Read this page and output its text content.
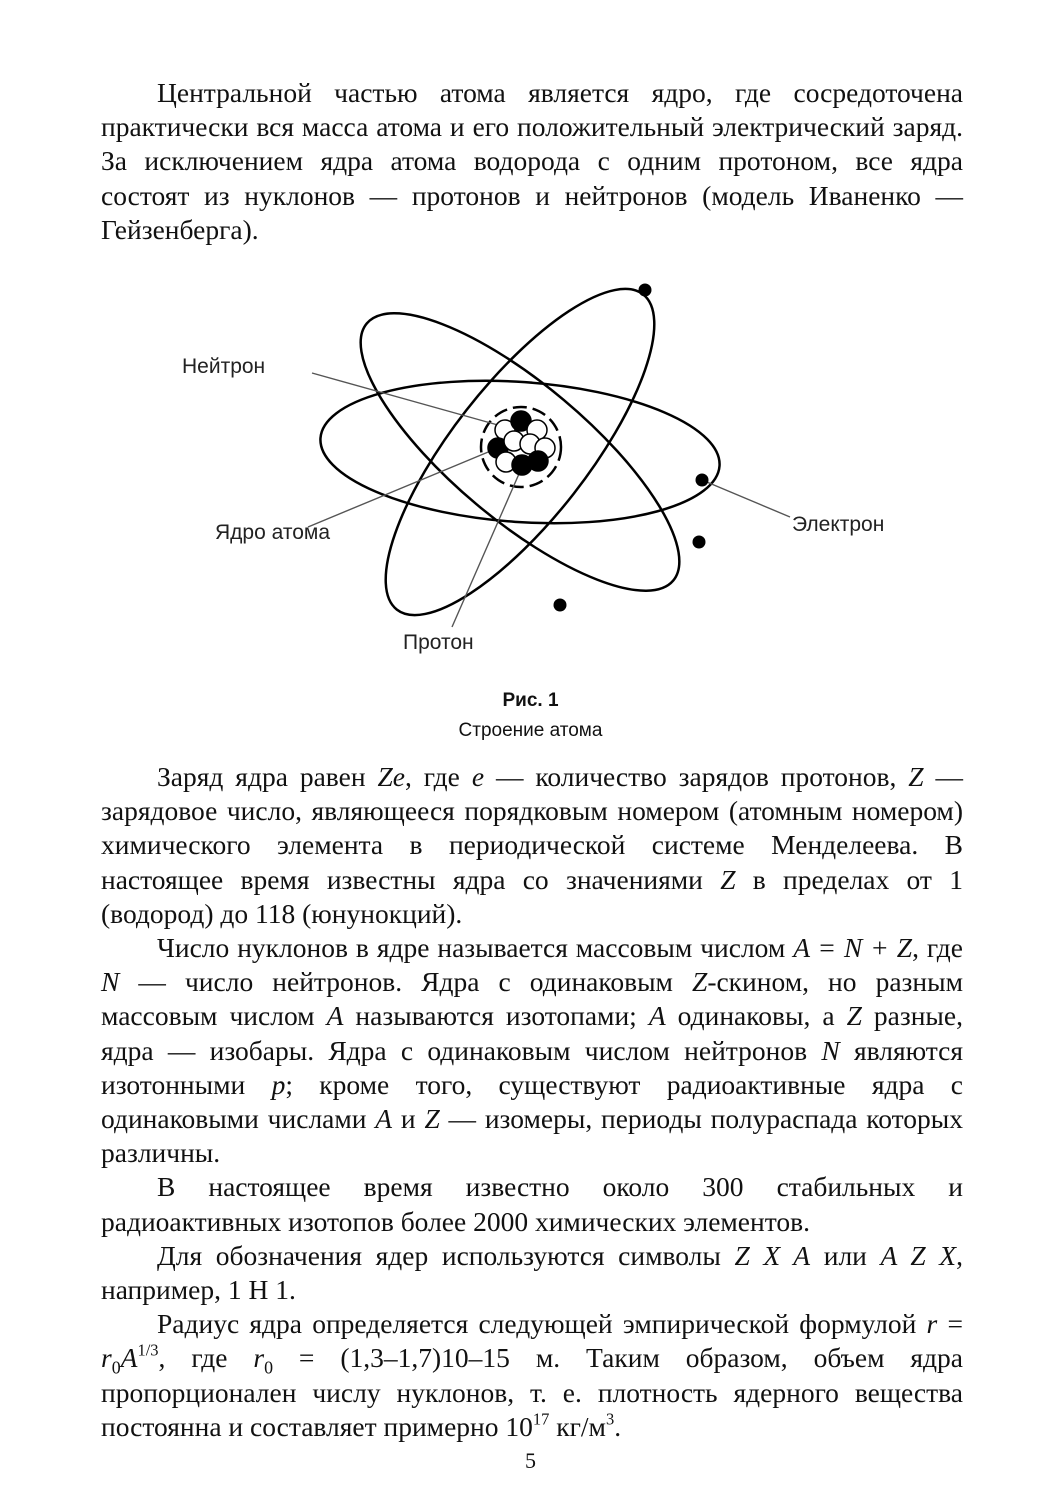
Центральной частью атома является ядро, где сосредоточена практически вся масса атома и его положительный электрический заряд. За исключением ядра атома водорода с одним протоном, все ядра состоят из нуклонов — протонов и нейтронов (модель Иваненко — Гейзенберга).

Нейтрон
Ядро атома
Протон
Электрон
Рис. 1
Строение атома

Заряд ядра равен Ze, где e — количество зарядов протонов, Z — зарядовое число, являющееся порядковым номером (атомным номером) химического элемента в периодической системе Менделеева. В настоящее время известны ядра со значениями Z в пределах от 1 (водород) до 118 (юнунокций).

Число нуклонов в ядре называется массовым числом A = N + Z, где N — число нейтронов. Ядра с одинаковым Z-скином, но разным массовым числом A называются изотопами; A одинаковы, а Z разные, ядра — изобары. Ядра с одинаковым числом нейтронов N являются изотонными p; кроме того, существуют радиоактивные ядра с одинаковыми числами A и Z — изомеры, периоды полураспада которых различны.

В настоящее время известно около 300 стабильных и радиоактивных изотопов более 2000 химических элементов.

Для обозначения ядер используются символы Z X A или A Z X, например, 1 H 1.

Радиус ядра определяется следующей эмпирической формулой $r = r_0A^{1/3}$, где $r_0 = (1,3-1,7)10-15$ м. Таким образом, объем ядра пропорционален числу нуклонов, т. е. плотность ядерного вещества постоянна и составляет примерно $10^{17}$ $кг/м^3$.

5
